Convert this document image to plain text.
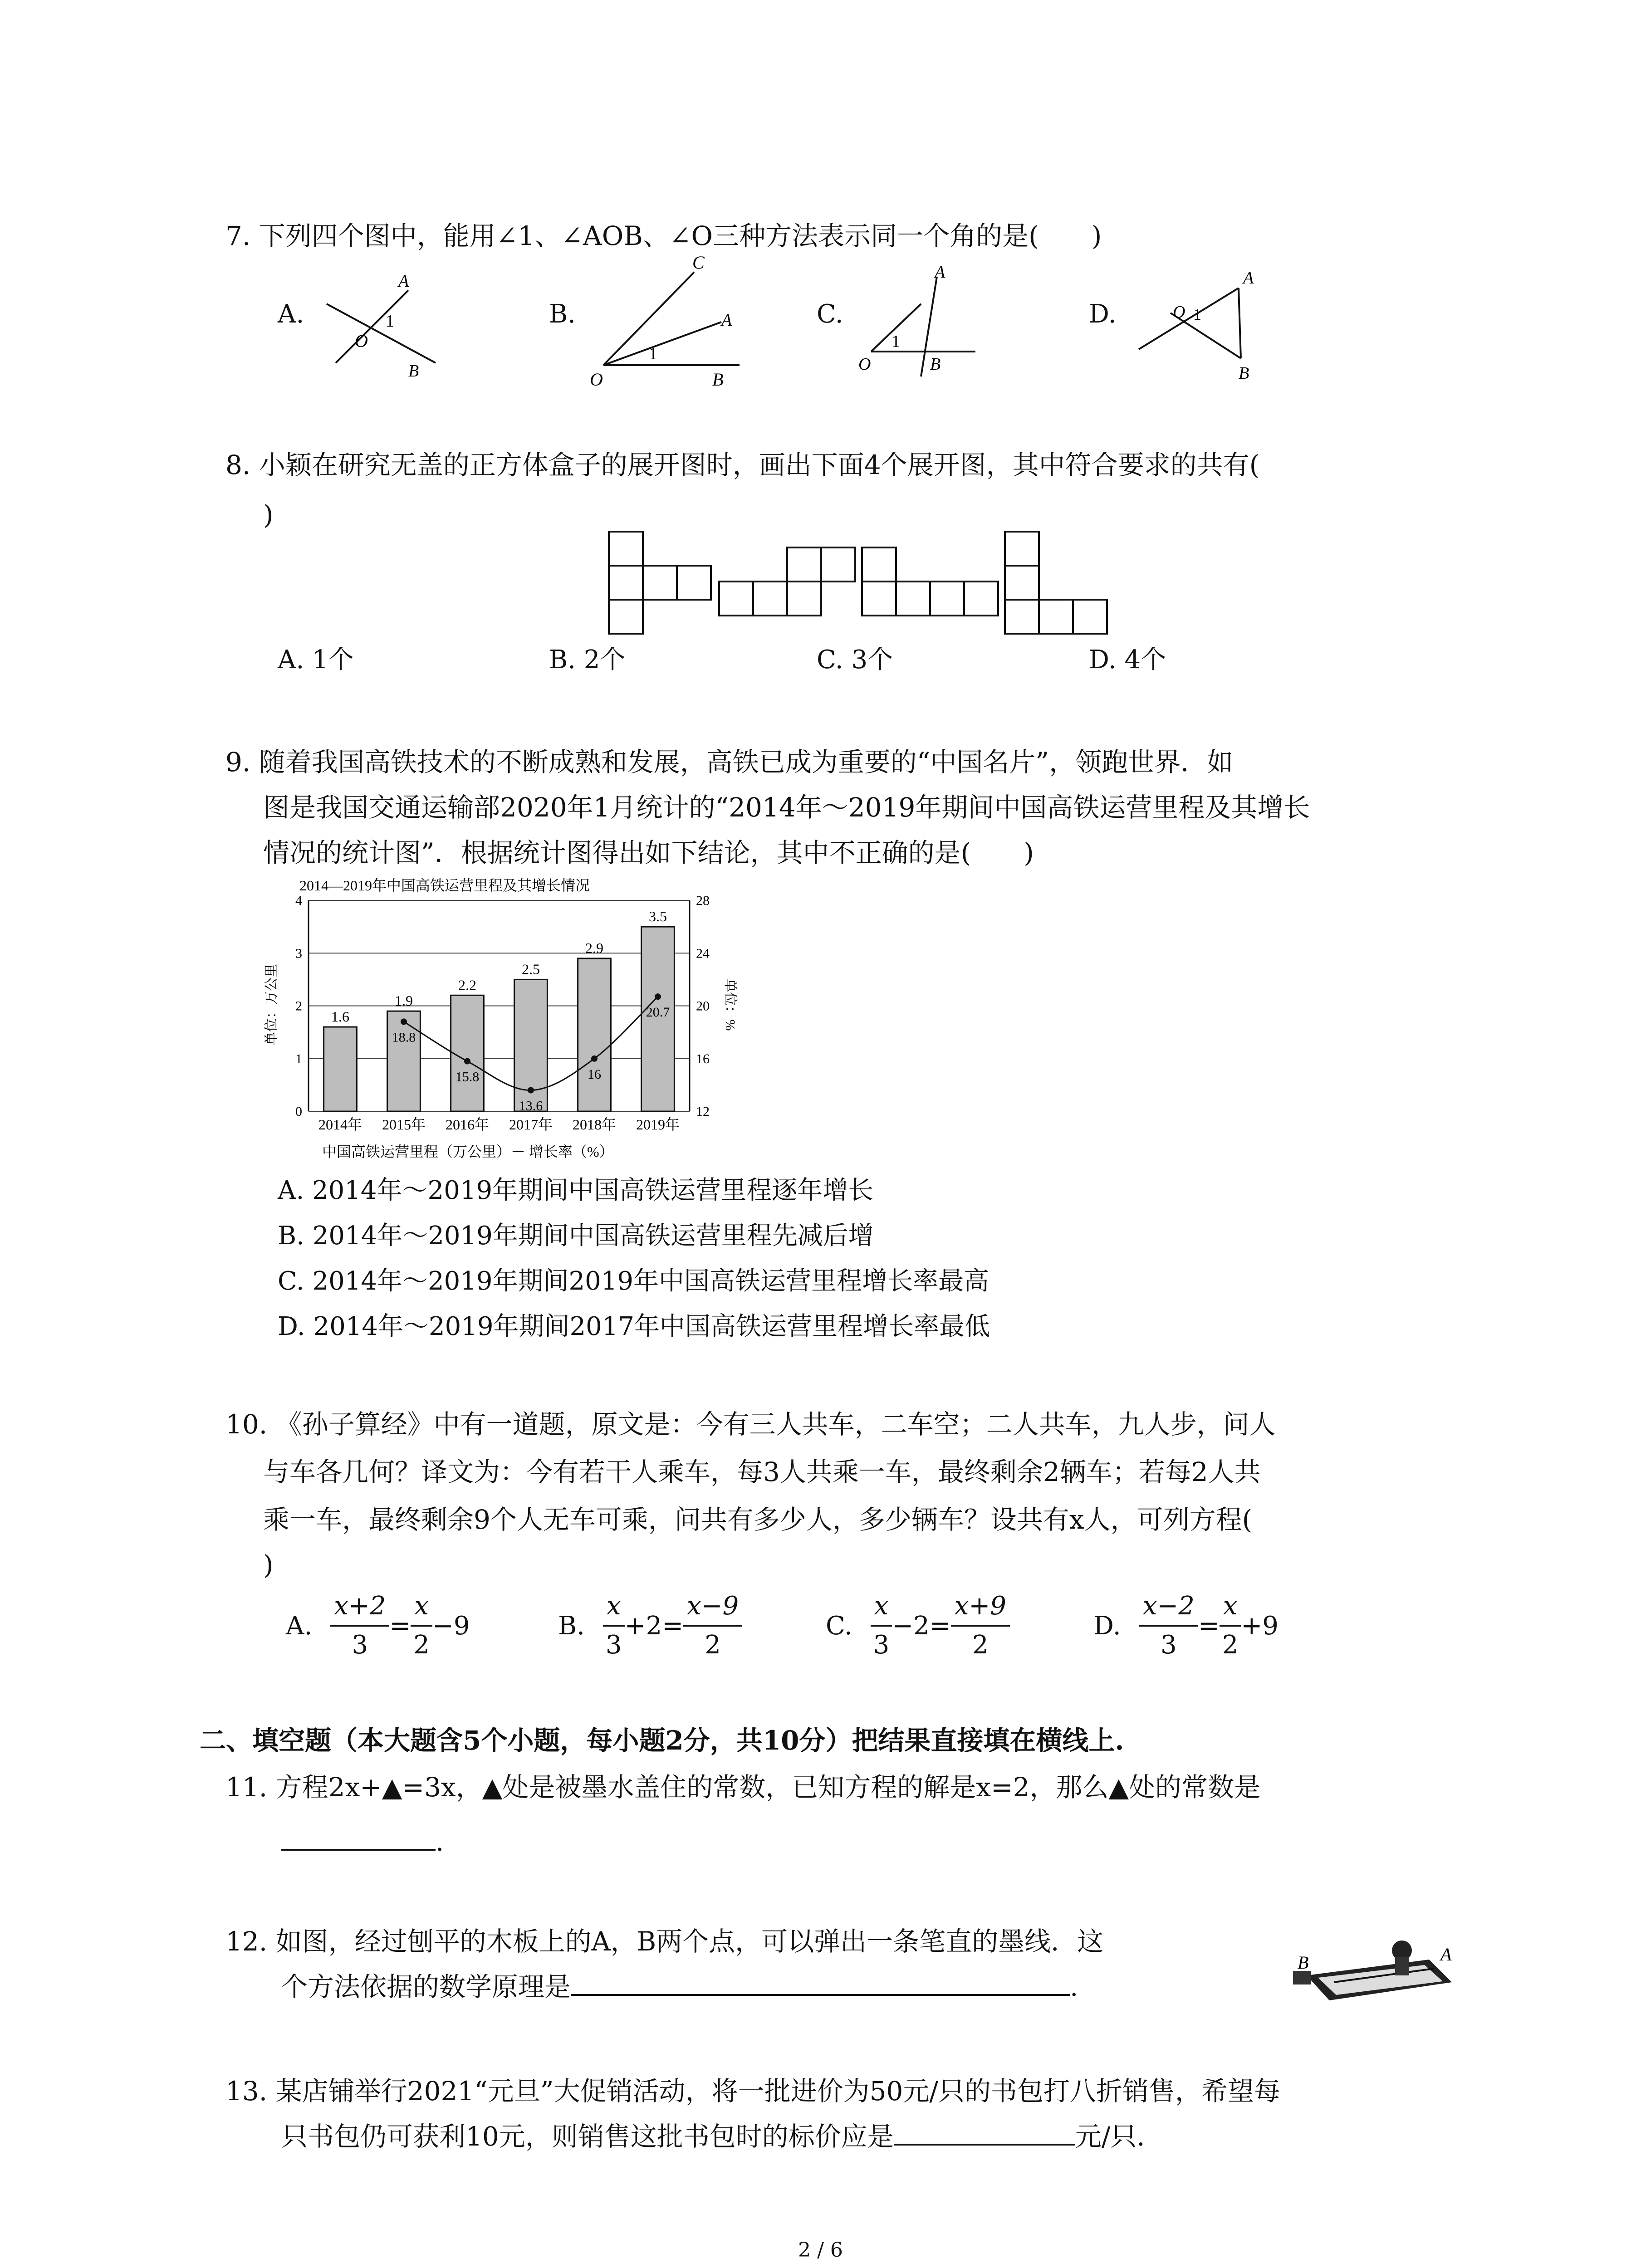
7. 下列四个图中，能用∠1、∠AOB、∠O三种方法表示同一个角的是(　　)
A.
O
A
1
B
B.
C
A
1
O	B
C.
A
1
O	B
D.
A
O 1
B
8. 小颖在研究无盖的正方体盒子的展开图时，画出下面4个展开图，其中符合要求的共有(
)
A. 1个	B. 2个	C. 3个	D. 4个
9. 随着我国高铁技术的不断成熟和发展，高铁已成为重要的“中国名片”，领跑世界．如
图是我国交通运输部2020年1月统计的“2014年～2019年期间中国高铁运营里程及其增长
情况的统计图”．根据统计图得出如下结论，其中不正确的是(　　)
2014—2019年中国高铁运营里程及其增长情况
1.6
1.9
2.2
2.5
2.9
3.5
18.8
15.8
13.6
16
20.7
0
1
2
3
4
12
16
20
24
28
2014年 2015年 2016年 2017年 2018年 2019年
单位：万公里	单位：%
中国高铁运营里程（万公里）－ 增长率（%）
A. 2014年～2019年期间中国高铁运营里程逐年增长
B. 2014年～2019年期间中国高铁运营里程先减后增
C. 2014年～2019年期间2019年中国高铁运营里程增长率最高
D. 2014年～2019年期间2017年中国高铁运营里程增长率最低
10. 《孙子算经》中有一道题，原文是：今有三人共车，二车空；二人共车，九人步，问人
与车各几何？译文为：今有若干人乘车，每3人共乘一车，最终剩余2辆车；若每2人共
乘一车，最终剩余9个人无车可乘，问共有多少人，多少辆车？设共有x人，可列方程(
)
A. $\frac{x+2}{3} = \frac{x}{2} -9$	B. $\frac{x}{3} +2= \frac{x-9}{2}$	C. $\frac{x}{3} -2= \frac{x+9}{2}$	D. $\frac{x-2}{3} = \frac{x}{2} +9$
二、填空题（本大题含5个小题，每小题2分，共10分）把结果直接填在横线上.
11. 方程2x+▲=3x，▲处是被墨水盖住的常数，已知方程的解是x=2，那么▲处的常数是
.
12. 如图，经过刨平的木板上的A，B两个点，可以弹出一条笔直的墨线．这
个方法依据的数学原理是	.
B	A
13. 某店铺举行2021“元旦”大促销活动，将一批进价为50元/只的书包打八折销售，希望每
只书包仍可获利10元，则销售这批书包时的标价应是	元/只．
2 / 6
